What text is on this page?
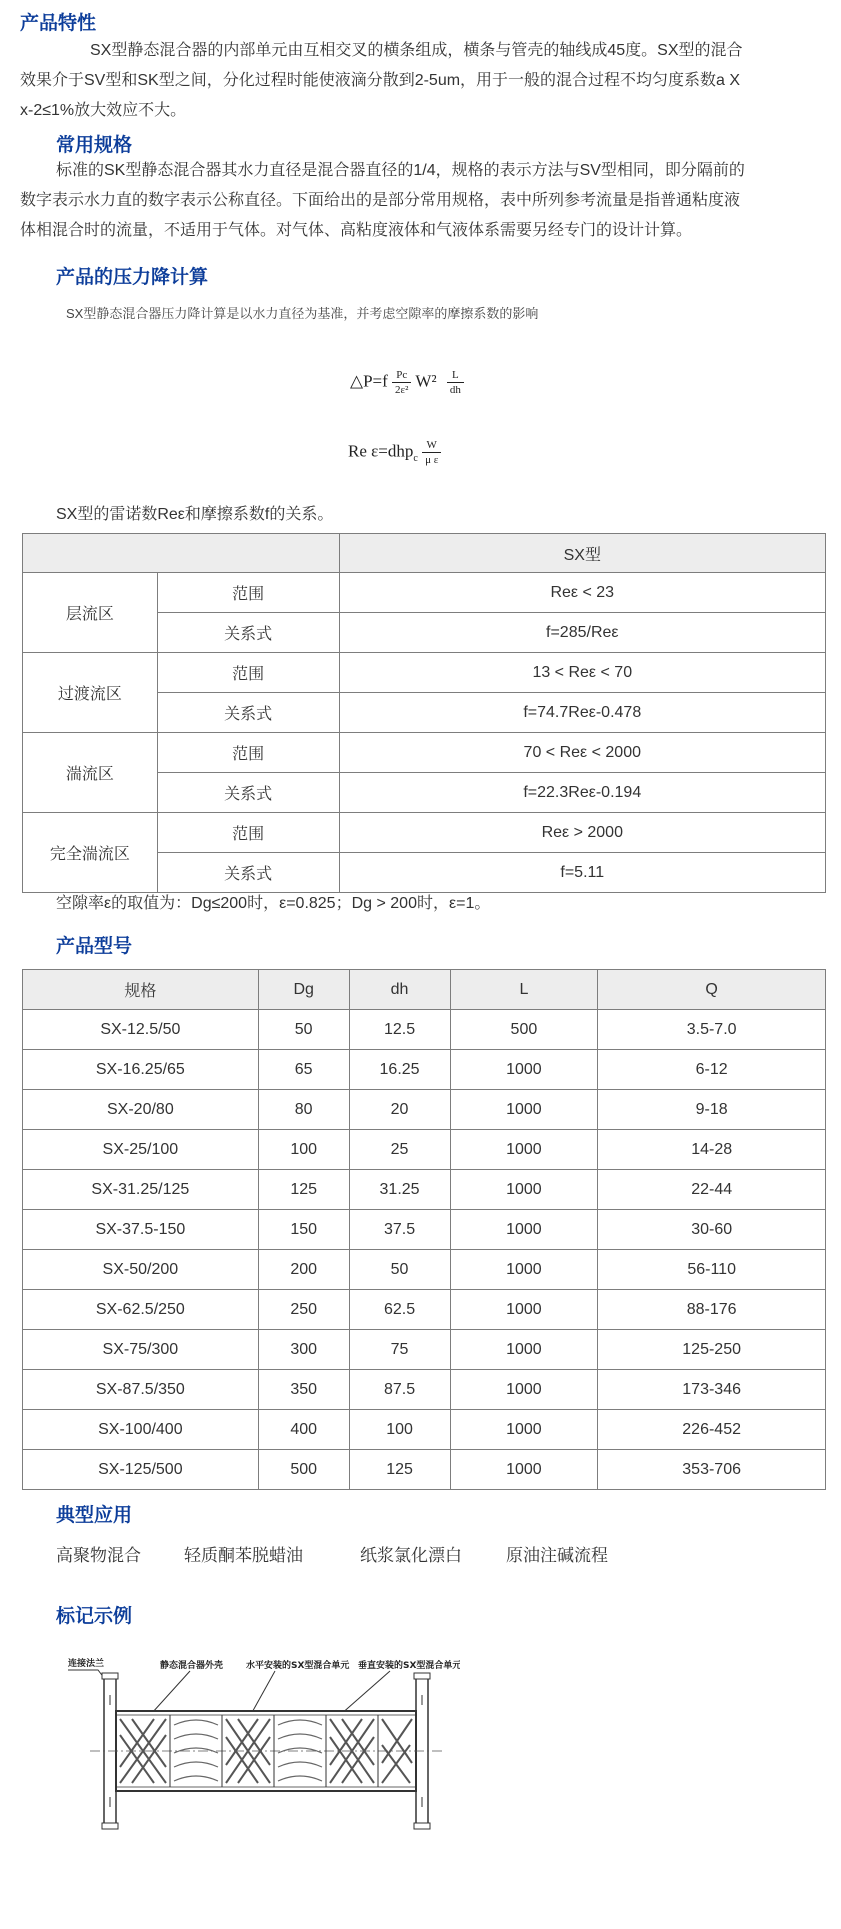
产品特性

SX型静态混合器的内部单元由互相交叉的横条组成，横条与管壳的轴线成45度。SX型的混合

效果介于SV型和SK型之间，分化过程时能使液滴分散到2-5um，用于一般的混合过程不均匀度系数a X

x-2≤1%放大效应不大。

常用规格

标准的SK型静态混合器其水力直径是混合器直径的1/4，规格的表示方法与SV型相同，即分隔前的

数字表示水力直的数字表示公称直径。下面给出的是部分常用规格，表中所列参考流量是指普通粘度液

体相混合时的流量，不适用于气体。对气体、高粘度液体和气液体系需要另经专门的设计计算。

产品的压力降计算
SX型静态混合器压力降计算是以水力直径为基准，并考虑空隙率的摩擦系数的影响
△P=f $\frac{Pc}{\text{2ε²}} W^2 \frac{L}{dh}$
Re $\varepsilon=dhp_c \frac{W}{\text{μ ε}}$

SX型的雷诺数Reε和摩擦系数f的关系。

		SX型
层流区	范围	Reε < 23
	关系式	f=285/Reε
过渡流区	范围	13 < Reε < 70
	关系式	f=74.7Reε-0.478
湍流区	范围	70 < Reε < 2000
	关系式	f=22.3Reε-0.194
完全湍流区	范围	Reε > 2000
	关系式	f=5.11

空隙率ε的取值为：Dg≤200时，ε=0.825；Dg > 200时，ε=1。

产品型号
规格	Dg	dh	L	Q
SX-12.5/50	50	12.5	500	3.5-7.0
SX-16.25/65	65	16.25	1000	6-12
SX-20/80	80	20	1000	9-18
SX-25/100	100	25	1000	14-28
SX-31.25/125	125	31.25	1000	22-44
SX-37.5-150	150	37.5	1000	30-60
SX-50/200	200	50	1000	56-110
SX-62.5/250	250	62.5	1000	88-176
SX-75/300	300	75	1000	125-250
SX-87.5/350	350	87.5	1000	173-346
SX-100/400	400	100	1000	226-452
SX-125/500	500	125	1000	353-706
典型应用
高聚物混合	轻质酮苯脱蜡油	纸浆氯化漂白	原油注碱流程
标记示例
连接法兰	静态混合器外壳	水平安装的SX型混合单元 垂直安装的SX型混合单元
